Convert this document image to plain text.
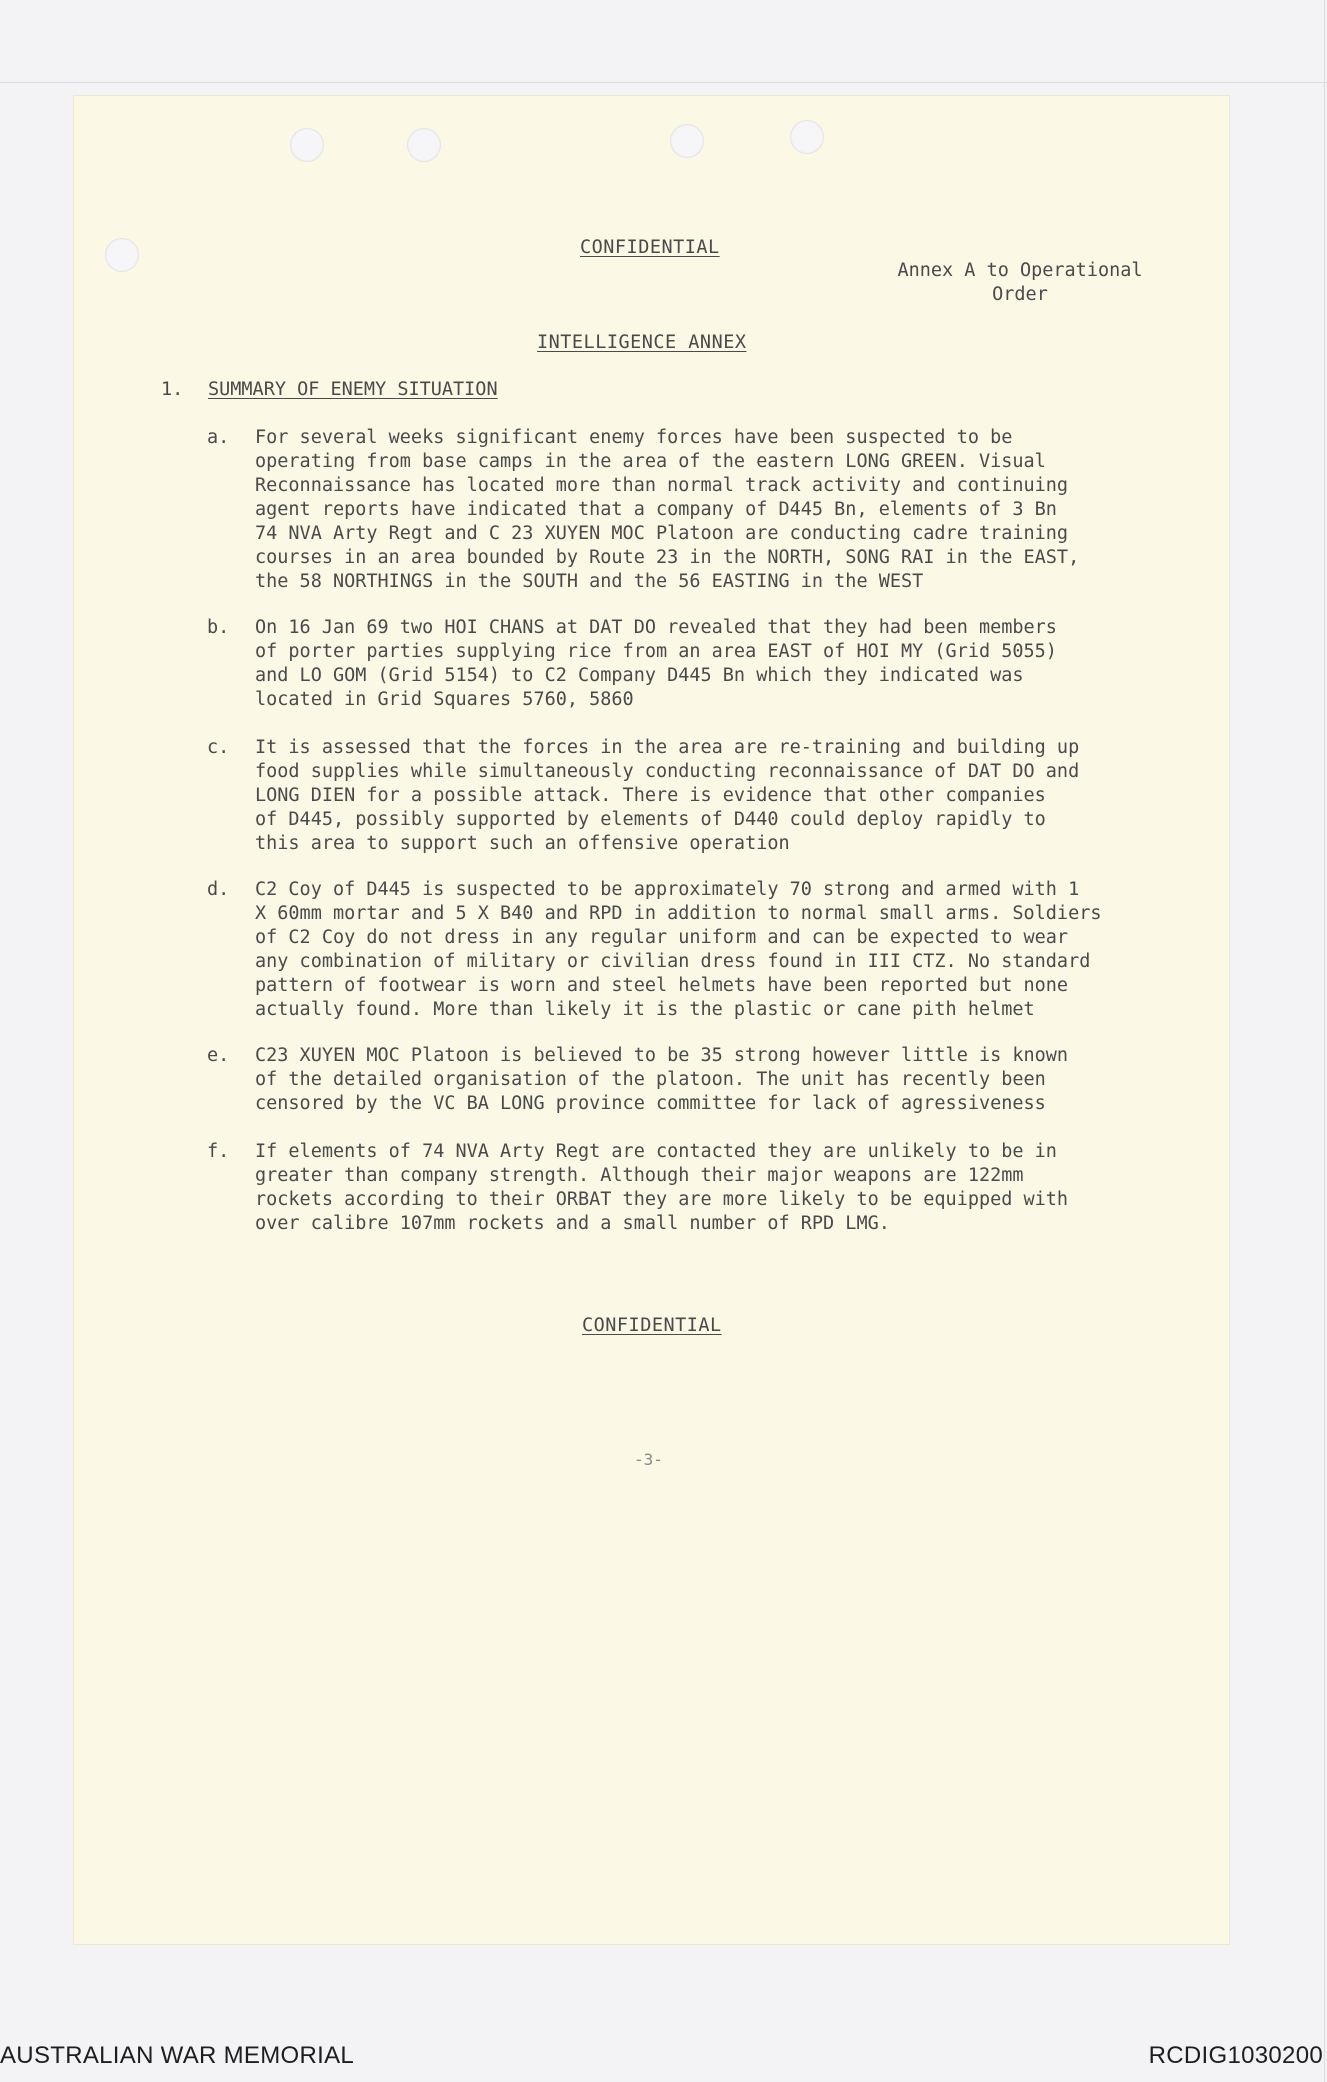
CONFIDENTIAL
Annex A to Operational
Order
INTELLIGENCE ANNEX
1. SUMMARY OF ENEMY SITUATION
a. For several weeks significant enemy forces have been suspected to be
operating from base camps in the area of the eastern LONG GREEN. Visual
Reconnaissance has located more than normal track activity and continuing
agent reports have indicated that a company of D445 Bn, elements of 3 Bn
74 NVA Arty Regt and C 23 XUYEN MOC Platoon are conducting cadre training
courses in an area bounded by Route 23 in the NORTH, SONG RAI in the EAST,
the 58 NORTHINGS in the SOUTH and the 56 EASTING in the WEST
b. On 16 Jan 69 two HOI CHANS at DAT DO revealed that they had been members
of porter parties supplying rice from an area EAST of HOI MY (Grid 5055)
and LO GOM (Grid 5154) to C2 Company D445 Bn which they indicated was
located in Grid Squares 5760, 5860
c. It is assessed that the forces in the area are re-training and building up
food supplies while simultaneously conducting reconnaissance of DAT DO and
LONG DIEN for a possible attack. There is evidence that other companies
of D445, possibly supported by elements of D440 could deploy rapidly to
this area to support such an offensive operation
d. C2 Coy of D445 is suspected to be approximately 70 strong and armed with 1
X 60mm mortar and 5 X B40 and RPD in addition to normal small arms. Soldiers
of C2 Coy do not dress in any regular uniform and can be expected to wear
any combination of military or civilian dress found in III CTZ. No standard
pattern of footwear is worn and steel helmets have been reported but none
actually found. More than likely it is the plastic or cane pith helmet
e. C23 XUYEN MOC Platoon is believed to be 35 strong however little is known
of the detailed organisation of the platoon. The unit has recently been
censored by the VC BA LONG province committee for lack of agressiveness
f. If elements of 74 NVA Arty Regt are contacted they are unlikely to be in
greater than company strength. Although their major weapons are 122mm
rockets according to their ORBAT they are more likely to be equipped with
over calibre 107mm rockets and a small number of RPD LMG.
CONFIDENTIAL
-3-
AUSTRALIAN WAR MEMORIAL	RCDIG1030200
